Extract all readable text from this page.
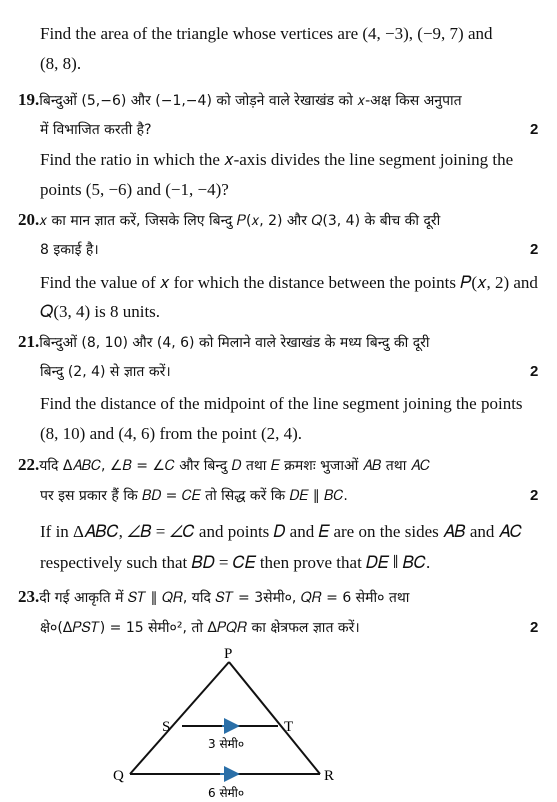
Find the area of the triangle whose vertices are (4, −3), (−9, 7) and
(8, 8).
19.बिन्दुओं (5,−6) और (−1,−4) को जोड़ने वाले रेखाखंड को 𝑥-अक्ष किस अनुपात
में विभाजित करती है?	2
Find the ratio in which the 𝑥-axis divides the line segment joining the
points (5, −6) and (−1, −4)?
20.𝑥 का मान ज्ञात करें, जिसके लिए बिन्दु 𝑃(𝑥, 2) और 𝑄(3, 4) के बीच की दूरी
8 इकाई है।	2
Find the value of 𝑥 for which the distance between the points 𝑃(𝑥, 2) and
𝑄(3, 4) is 8 units.
21.बिन्दुओं (8, 10) और (4, 6) को मिलाने वाले रेखाखंड के मध्य बिन्दु की दूरी
बिन्दु (2, 4) से ज्ञात करें।	2
Find the distance of the midpoint of the line segment joining the points
(8, 10) and (4, 6) from the point (2, 4).
22.यदि Δ𝐴𝐵𝐶, ∠𝐵 = ∠𝐶 और बिन्दु 𝐷 तथा 𝐸 क्रमशः भुजाओं 𝐴𝐵 तथा 𝐴𝐶
पर इस प्रकार हैं कि 𝐵𝐷 = 𝐶𝐸 तो सिद्ध करें कि 𝐷𝐸 ∥ 𝐵𝐶.	2
If in Δ𝐴𝐵𝐶, ∠𝐵 = ∠𝐶 and points 𝐷 and 𝐸 are on the sides 𝐴𝐵 and 𝐴𝐶
respectively such that 𝐵𝐷 = 𝐶𝐸 then prove that 𝐷𝐸 ∥ 𝐵𝐶.
23.दी गई आकृति में 𝑆𝑇 ∥ 𝑄𝑅, यदि 𝑆𝑇 = 3सेमी०, 𝑄𝑅 = 6 सेमी० तथा
क्षे०(Δ𝑃𝑆𝑇) = 15 सेमी०², तो Δ𝑃𝑄𝑅 का क्षेत्रफल ज्ञात करें।	2
P
S	T
Q	R
3 सेमी०
6 सेमी०
